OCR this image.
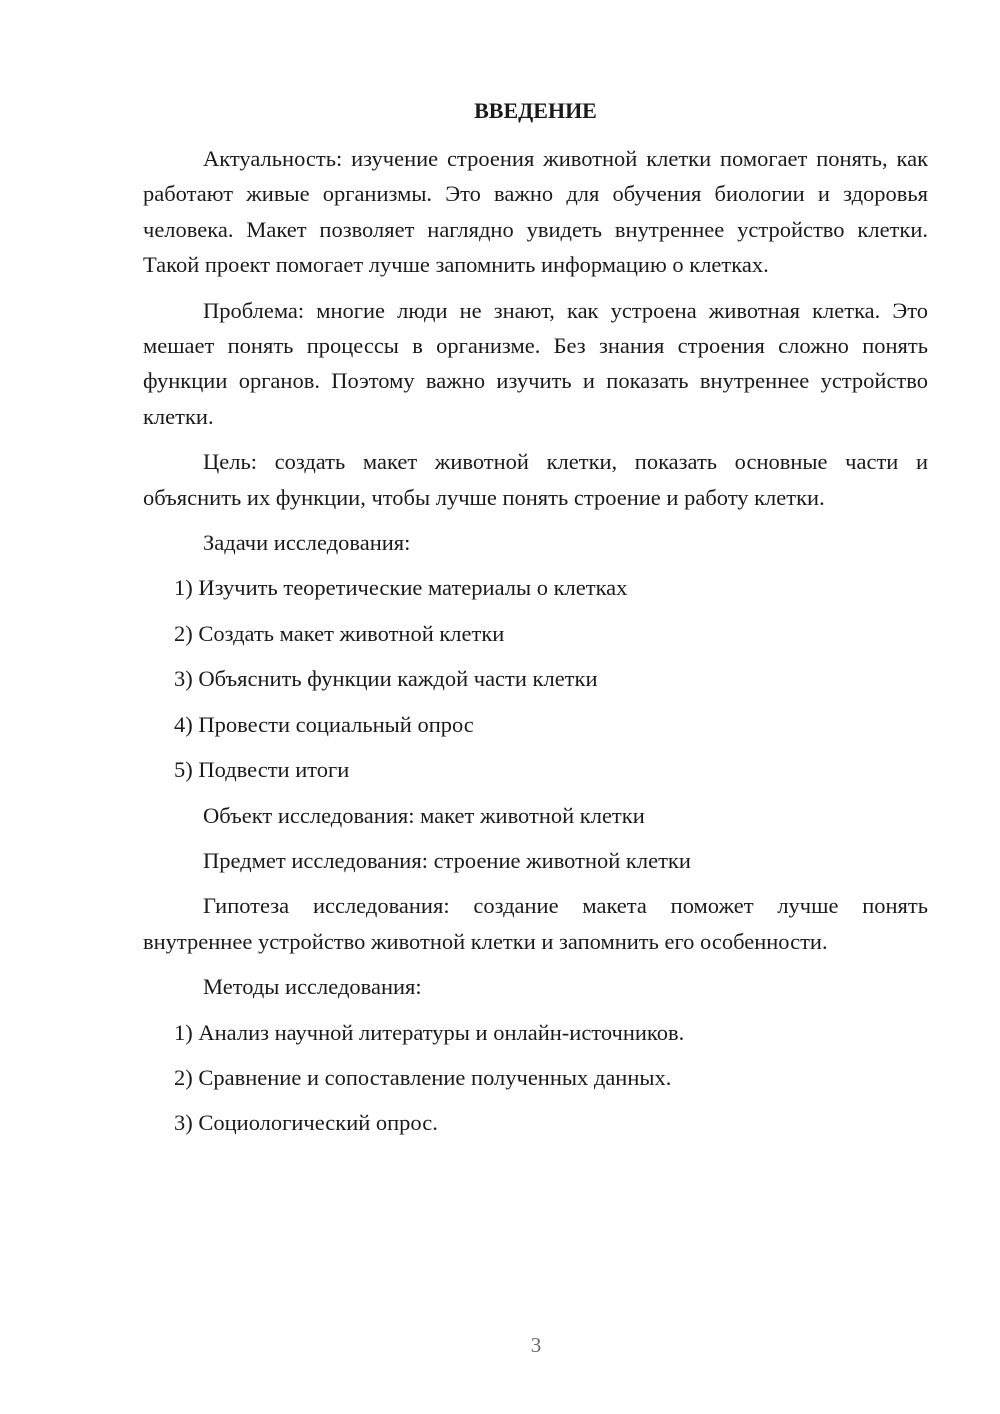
ВВЕДЕНИЕ

Актуальность: изучение строения животной клетки помогает понять, как работают живые организмы. Это важно для обучения биологии и здоровья человека. Макет позволяет наглядно увидеть внутреннее устройство клетки. Такой проект помогает лучше запомнить информацию о клетках.

Проблема: многие люди не знают, как устроена животная клетка. Это мешает понять процессы в организме. Без знания строения сложно понять функции органов. Поэтому важно изучить и показать внутреннее устройство клетки.

Цель: создать макет животной клетки, показать основные части и объяснить их функции, чтобы лучше понять строение и работу клетки.

Задачи исследования:
1) Изучить теоретические материалы о клетках
2) Создать макет животной клетки
3) Объяснить функции каждой части клетки
4) Провести социальный опрос
5) Подвести итоги
Объект исследования: макет животной клетки
Предмет исследования: строение животной клетки

Гипотеза исследования: создание макета поможет лучше понять внутреннее устройство животной клетки и запомнить его особенности.

Методы исследования:
1) Анализ научной литературы и онлайн-источников.
2) Сравнение и сопоставление полученных данных.
3) Социологический опрос.
3
